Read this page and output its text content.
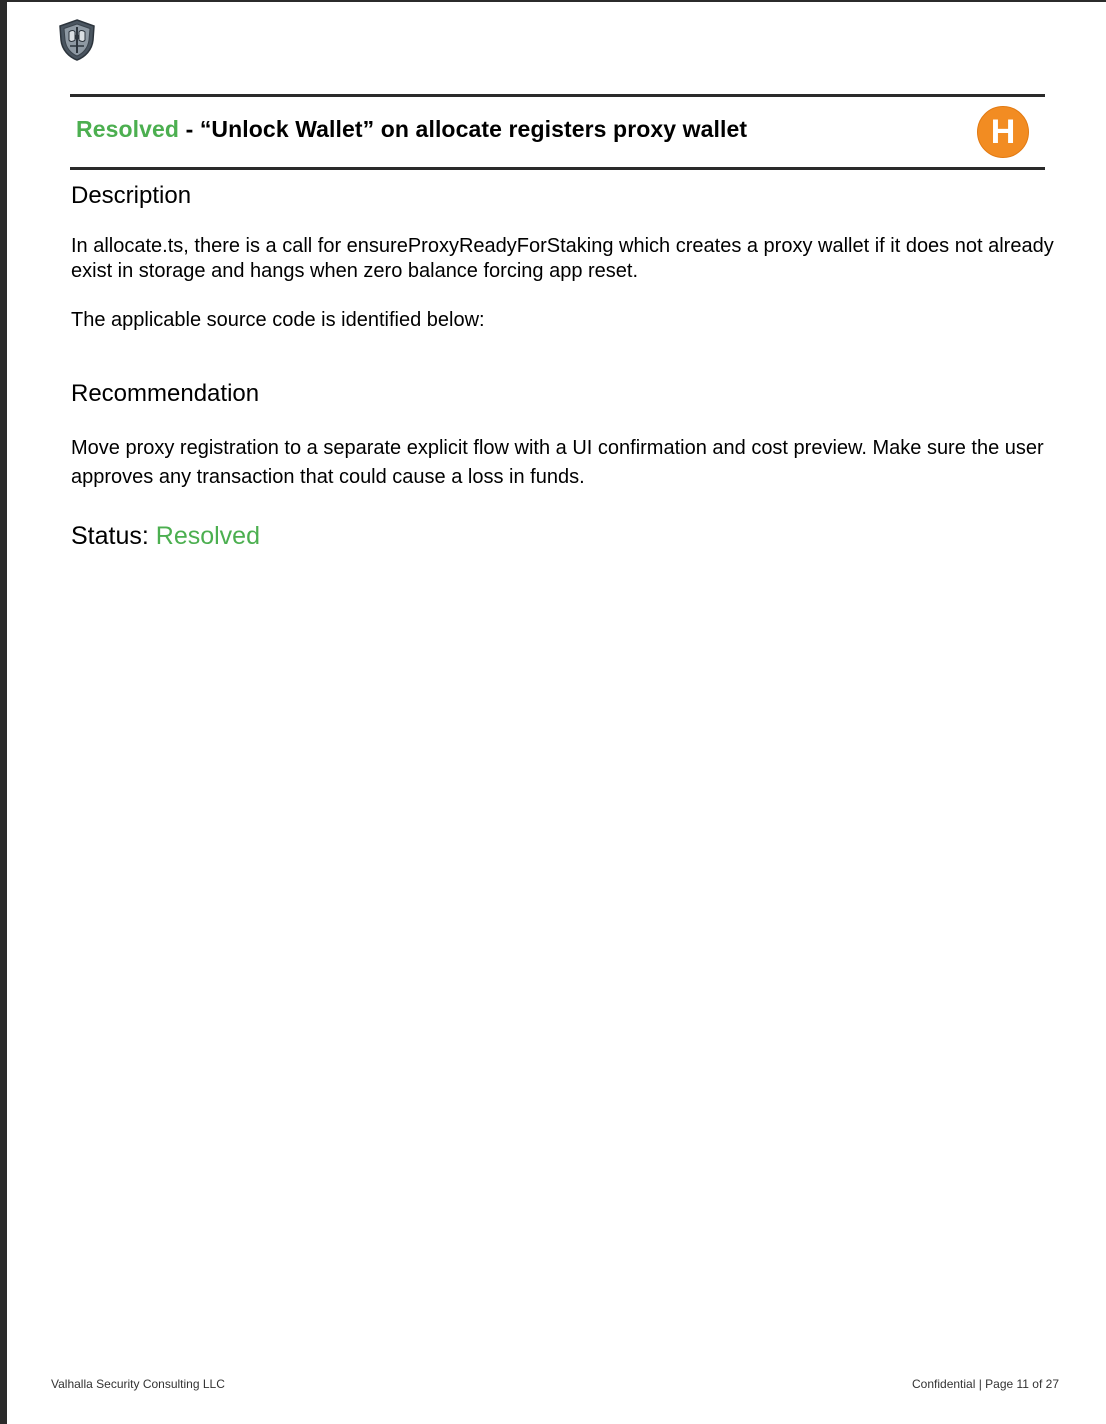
Resolved - “Unlock Wallet” on allocate registers proxy wallet	H
Description
In allocate.ts, there is a call for ensureProxyReadyForStaking which creates a proxy wallet if it does not already exist in storage and hangs when zero balance forcing app reset.
The applicable source code is identified below:
Recommendation
Move proxy registration to a separate explicit flow with a UI confirmation and cost preview. Make sure the user approves any transaction that could cause a loss in funds.
Status: Resolved
Valhalla Security Consulting LLC	Confidential | Page 11 of 27
